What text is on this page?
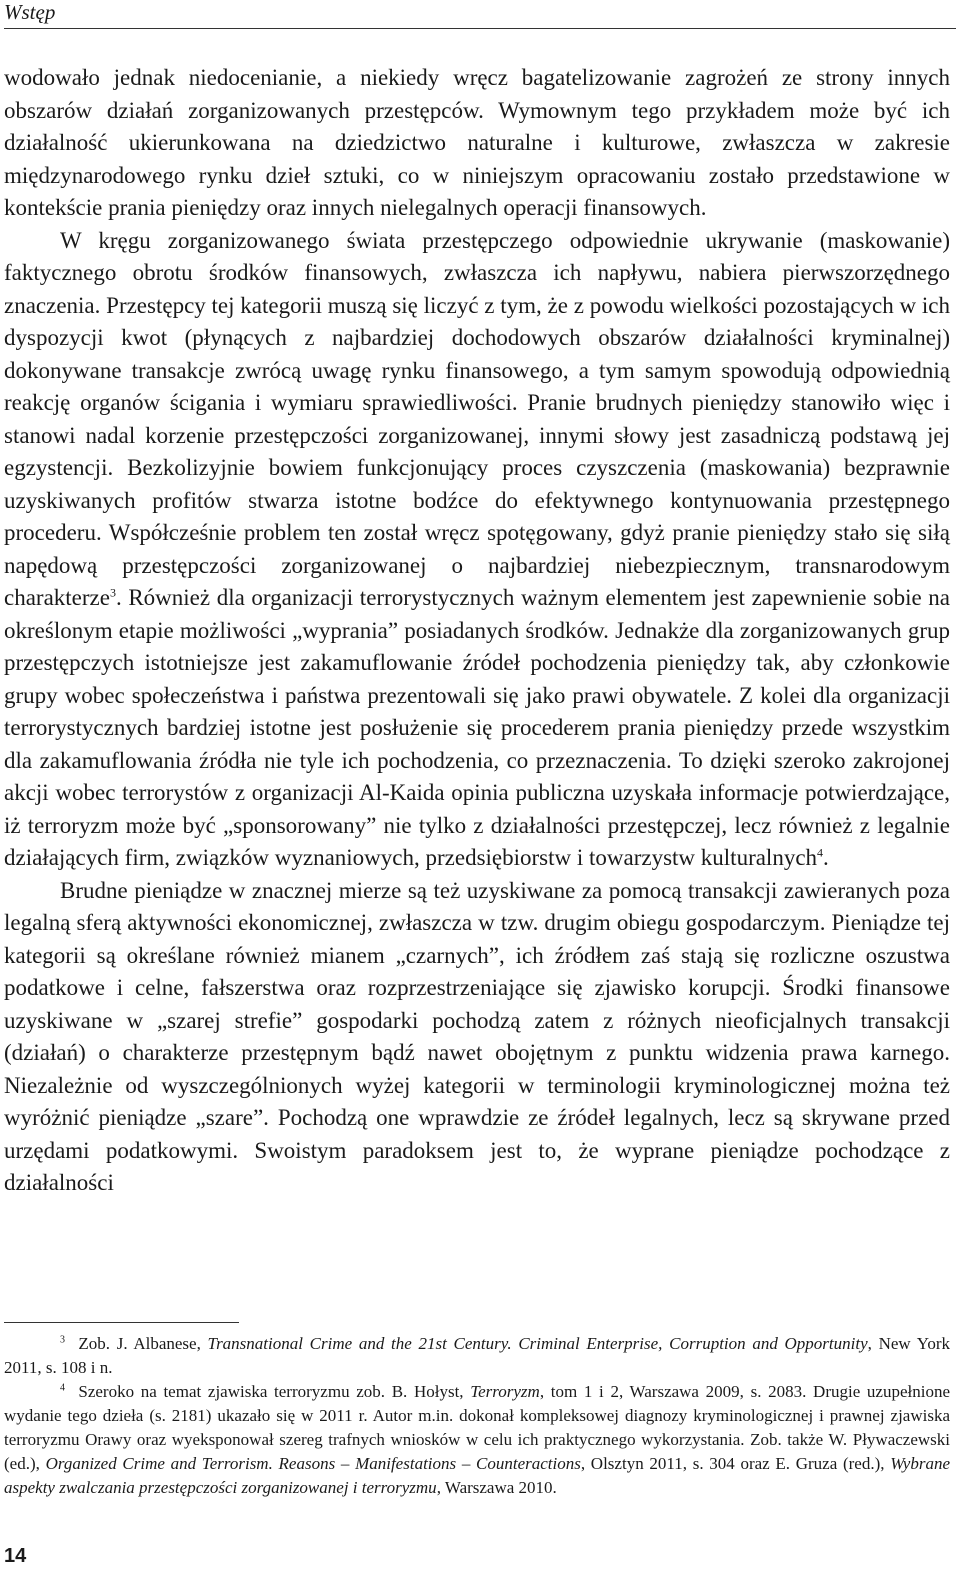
Wstęp

wodowało jednak niedocenianie, a niekiedy wręcz bagatelizowanie zagrożeń ze strony innych obszarów działań zorganizowanych przestępców. Wymownym tego przykładem może być ich działalność ukierunkowana na dziedzictwo naturalne i kulturowe, zwłaszcza w zakresie międzynarodowego rynku dzieł sztuki, co w niniejszym opracowaniu zostało przedstawione w kontekście prania pieniędzy oraz innych nielegalnych operacji finansowych.

W kręgu zorganizowanego świata przestępczego odpowiednie ukrywanie (maskowanie) faktycznego obrotu środków finansowych, zwłaszcza ich napływu, nabiera pierwszorzędnego znaczenia. Przestępcy tej kategorii muszą się liczyć z tym, że z powodu wielkości pozostających w ich dyspozycji kwot (płynących z najbardziej dochodowych obszarów działalności kryminalnej) dokonywane transakcje zwrócą uwagę rynku finansowego, a tym samym spowodują odpowiednią reakcję organów ścigania i wymiaru sprawiedliwości. Pranie brudnych pieniędzy stanowiło więc i stanowi nadal korzenie przestępczości zorganizowanej, innymi słowy jest zasadniczą podstawą jej egzystencji. Bezkolizyjnie bowiem funkcjonujący proces czyszczenia (maskowania) bezprawnie uzyskiwanych profitów stwarza istotne bodźce do efektywnego kontynuowania przestępnego procederu. Współcześnie problem ten został wręcz spotęgowany, gdyż pranie pieniędzy stało się siłą napędową przestępczości zorganizowanej o najbardziej niebezpiecznym, transnarodowym charakterze$^3$. Również dla organizacji terrorystycznych ważnym elementem jest zapewnienie sobie na określonym etapie możliwości „wyprania” posiadanych środków. Jednakże dla zorganizowanych grup przestępczych istotniejsze jest zakamuflowanie źródeł pochodzenia pieniędzy tak, aby członkowie grupy wobec społeczeństwa i państwa prezentowali się jako prawi obywatele. Z kolei dla organizacji terrorystycznych bardziej istotne jest posłużenie się procederem prania pieniędzy przede wszystkim dla zakamuflowania źródła nie tyle ich pochodzenia, co przeznaczenia. To dzięki szeroko zakrojonej akcji wobec terrorystów z organizacji Al-Kaida opinia publiczna uzyskała informacje potwierdzające, iż terroryzm może być „sponsorowany” nie tylko z działalności przestępczej, lecz również z legalnie działających firm, związków wyznaniowych, przedsiębiorstw i towarzystw kulturalnych$^4$.

Brudne pieniądze w znacznej mierze są też uzyskiwane za pomocą transakcji zawieranych poza legalną sferą aktywności ekonomicznej, zwłaszcza w tzw. drugim obiegu gospodarczym. Pieniądze tej kategorii są określane również mianem „czarnych”, ich źródłem zaś stają się rozliczne oszustwa podatkowe i celne, fałszerstwa oraz rozprzestrzeniające się zjawisko korupcji. Środki finansowe uzyskiwane w „szarej strefie” gospodarki pochodzą zatem z różnych nieoficjalnych transakcji (działań) o charakterze przestępnym bądź nawet obojętnym z punktu widzenia prawa karnego. Niezależnie od wyszczególnionych wyżej kategorii w terminologii kryminologicznej można też wyróżnić pieniądze „szare”. Pochodzą one wprawdzie ze źródeł legalnych, lecz są skrywane przed urzędami podatkowymi. Swoistym paradoksem jest to, że wyprane pieniądze pochodzące z działalności

$^3$ Zob. J. Albanese, Transnational Crime and the 21st Century. Criminal Enterprise, Corruption and Opportunity, New York 2011, s. 108 i n.

$^4$ Szeroko na temat zjawiska terroryzmu zob. B. Hołyst, Terroryzm, tom 1 i 2, Warszawa 2009, s. 2083. Drugie uzupełnione wydanie tego dzieła (s. 2181) ukazało się w 2011 r. Autor m.in. dokonał kompleksowej diagnozy kryminologicznej i prawnej zjawiska terroryzmu Orawy oraz wyeksponował szereg trafnych wniosków w celu ich praktycznego wykorzystania. Zob. także W. Pływaczewski (ed.), Organized Crime and Terrorism. Reasons – Manifestations – Counteractions, Olsztyn 2011, s. 304 oraz E. Gruza (red.), Wybrane aspekty zwalczania przestępczości zorganizowanej i terroryzmu, Warszawa 2010.

14
